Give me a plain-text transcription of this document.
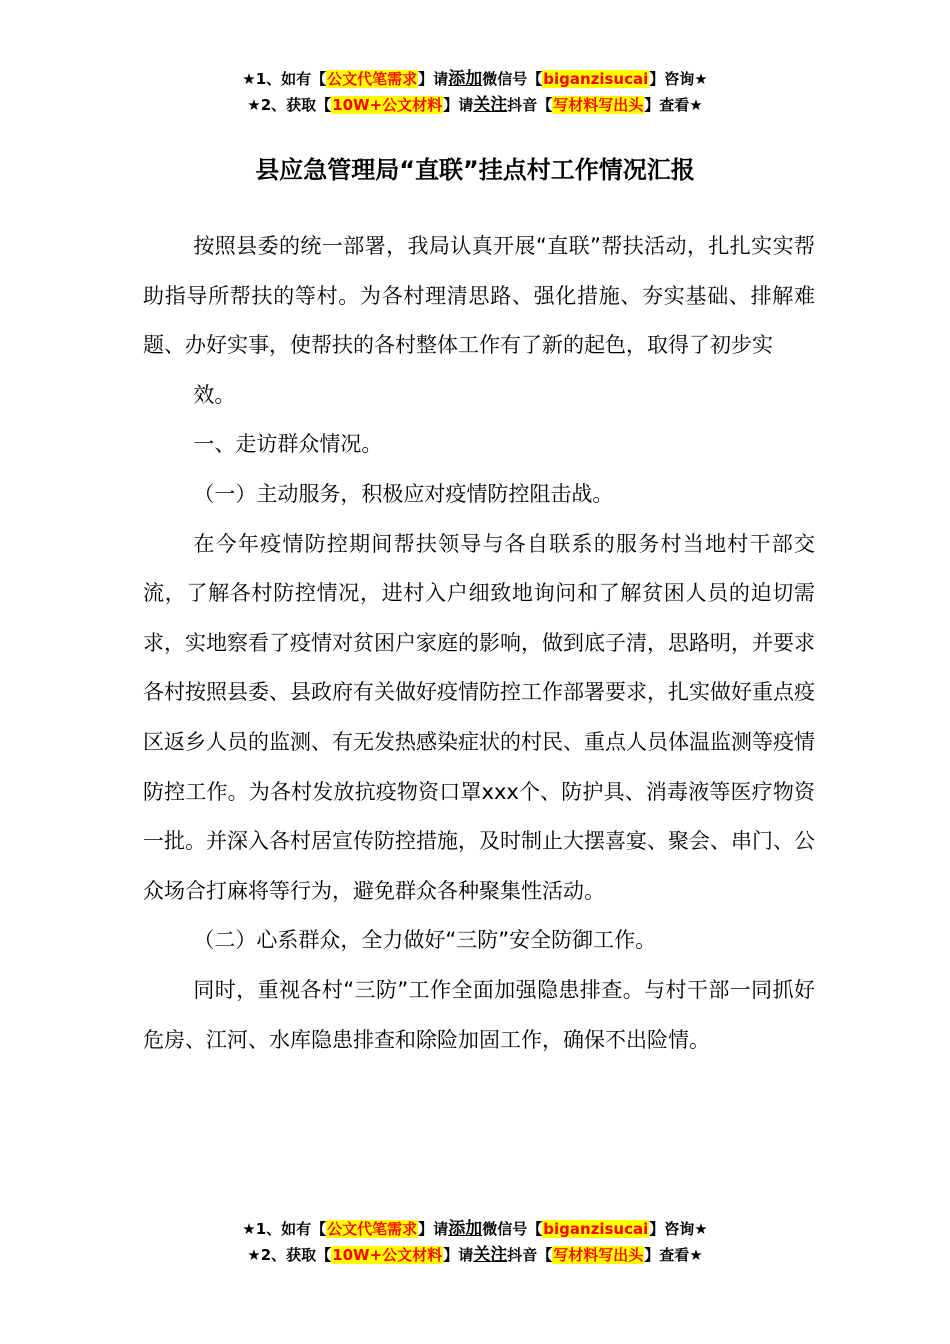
★1、如有【公文代笔需求】请添加微信号【biganzisucai】咨询★
★2、获取【10W+公文材料】请关注抖音【写材料写出头】查看★
县应急管理局“直联”挂点村工作情况汇报

按照县委的统一部署，我局认真开展“直联”帮扶活动，扎扎实实帮助指导所帮扶的等村。为各村理清思路、强化措施、夯实基础、排解难题、办好实事，使帮扶的各村整体工作有了新的起色，取得了初步实

效。

一、走访群众情况。

（一）主动服务，积极应对疫情防控阻击战。

在今年疫情防控期间帮扶领导与各自联系的服务村当地村干部交流，了解各村防控情况，进村入户细致地询问和了解贫困人员的迫切需求，实地察看了疫情对贫困户家庭的影响，做到底子清，思路明，并要求各村按照县委、县政府有关做好疫情防控工作部署要求，扎实做好重点疫区返乡人员的监测、有无发热感染症状的村民、重点人员体温监测等疫情防控工作。为各村发放抗疫物资口罩xxx个、防护具、消毒液等医疗物资一批。并深入各村居宣传防控措施，及时制止大摆喜宴、聚会、串门、公众场合打麻将等行为，避免群众各种聚集性活动。

（二）心系群众，全力做好“三防”安全防御工作。

同时，重视各村“三防”工作全面加强隐患排查。与村干部一同抓好危房、江河、水库隐患排查和除险加固工作，确保不出险情。

★1、如有【公文代笔需求】请添加微信号【biganzisucai】咨询★
★2、获取【10W+公文材料】请关注抖音【写材料写出头】查看★
